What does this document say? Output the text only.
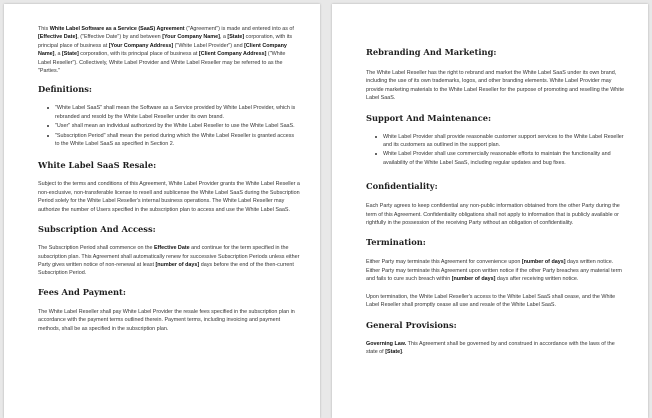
This White Label Software as a Service (SaaS) Agreement ("Agreement") is made and entered into as of [Effective Date], ("Effective Date") by and between [Your Company Name], a [State] corporation, with its principal place of business at [Your Company Address] ("White Label Provider") and [Client Company Name], a [State] corporation, with its principal place of business at [Client Company Address] ("White Label Reseller"). Collectively, White Label Provider and White Label Reseller may be referred to as the "Parties."

Definitions:
"White Label SaaS" shall mean the Software as a Service provided by White Label Provider, which is rebranded and resold by the White Label Reseller under its own brand.
"User" shall mean an individual authorized by the White Label Reseller to use the White Label SaaS.
"Subscription Period" shall mean the period during which the White Label Reseller is granted access to the White Label SaaS as specified in Section 2.
White Label SaaS Resale:

Subject to the terms and conditions of this Agreement, White Label Provider grants the White Label Reseller a non-exclusive, non-transferable license to resell and sublicense the White Label SaaS during the Subscription Period solely for the White Label Reseller's internal business operations. The White Label Reseller may authorize the number of Users specified in the subscription plan to access and use the White Label SaaS.

Subscription And Access:

The Subscription Period shall commence on the Effective Date and continue for the term specified in the subscription plan. This Agreement shall automatically renew for successive Subscription Periods unless either Party gives written notice of non-renewal at least [number of days] days before the end of the then-current Subscription Period.

Fees And Payment:

The White Label Reseller shall pay White Label Provider the resale fees specified in the subscription plan in accordance with the payment terms outlined therein. Payment terms, including invoicing and payment methods, shall be as specified in the subscription plan.

Rebranding And Marketing:

The White Label Reseller has the right to rebrand and market the White Label SaaS under its own brand, including the use of its own trademarks, logos, and other branding elements. White Label Provider may provide marketing materials to the White Label Reseller for the purpose of promoting and reselling the White Label SaaS.

Support And Maintenance:
White Label Provider shall provide reasonable customer support services to the White Label Reseller and its customers as outlined in the support plan.
White Label Provider shall use commercially reasonable efforts to maintain the functionality and availability of the White Label SaaS, including regular updates and bug fixes.
Confidentiality:

Each Party agrees to keep confidential any non-public information obtained from the other Party during the term of this Agreement. Confidentiality obligations shall not apply to information that is publicly available or rightfully in the possession of the receiving Party without an obligation of confidentiality.

Termination:

Either Party may terminate this Agreement for convenience upon [number of days] days written notice. Either Party may terminate this Agreement upon written notice if the other Party breaches any material term and fails to cure such breach within [number of days] days after receiving written notice.

Upon termination, the White Label Reseller's access to the White Label SaaS shall cease, and the White Label Reseller shall promptly cease all use and resale of the White Label SaaS.

General Provisions:

Governing Law. This Agreement shall be governed by and construed in accordance with the laws of the state of [State].
